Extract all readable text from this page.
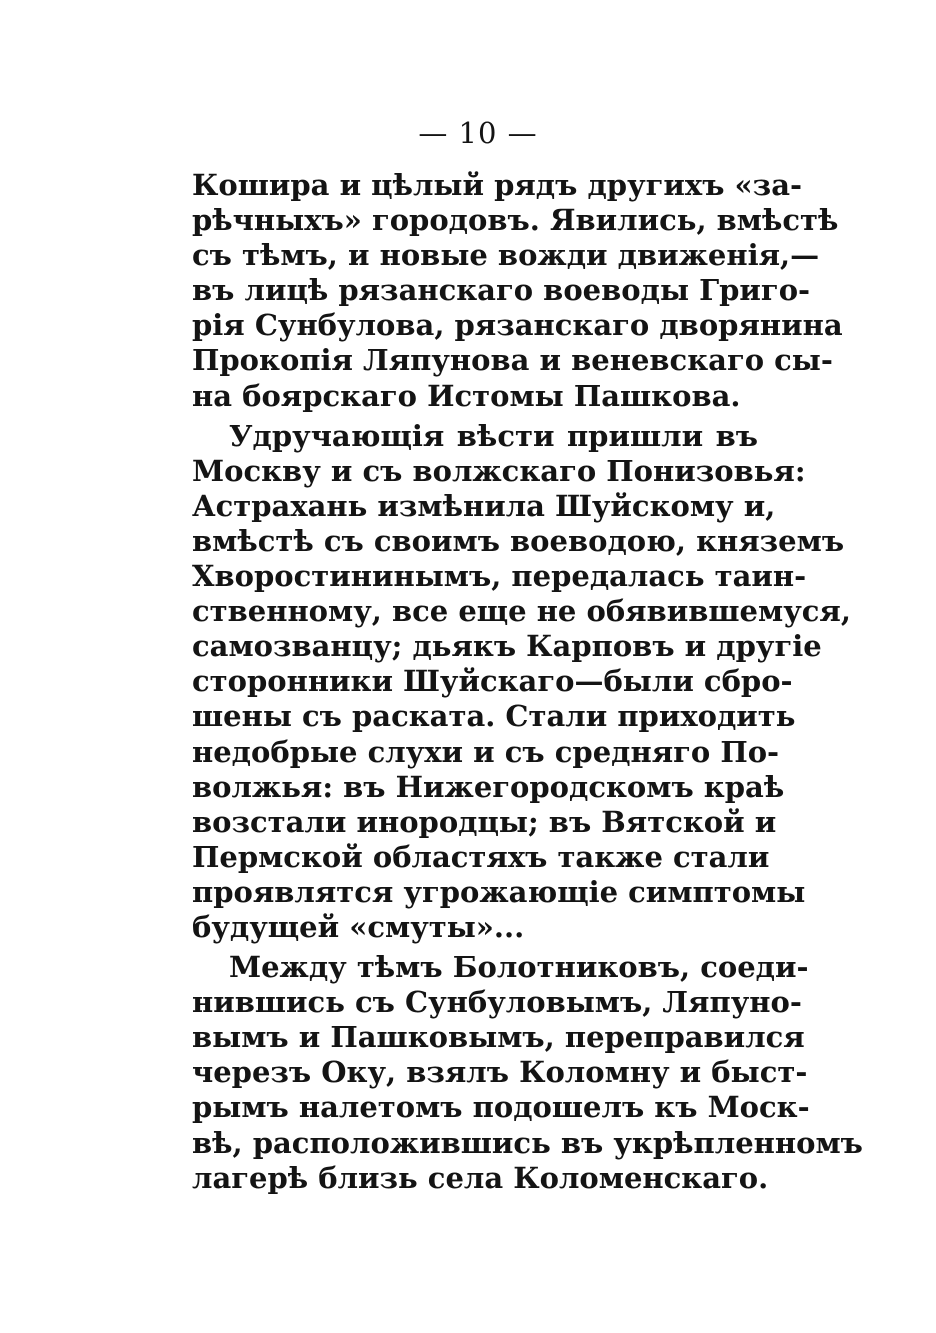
— 10 —
Кошира и цѣлый рядъ другихъ «за-
рѣчныхъ» городовъ. Явились, вмѣстѣ
съ тѣмъ, и новые вожди движенія,—
въ лицѣ рязанскаго воеводы Григо-
рія Сунбулова, рязанскаго дворянина
Прокопія Ляпунова и веневскаго сы-
на боярскаго Истомы Пашкова.
Удручающія вѣсти пришли въ
Москву и съ волжскаго Понизовья:
Астрахань измѣнила Шуйскому и,
вмѣстѣ съ своимъ воеводою, княземъ
Хворостининымъ, передалась таин-
ственному, все еще не обявившемуся,
самозванцу; дьякъ Карповъ и другіе
сторонники Шуйскаго—были сбро-
шены съ раската. Стали приходить
недобрые слухи и съ средняго По-
волжья: въ Нижегородскомъ краѣ
возстали инородцы; въ Вятской и
Пермской областяхъ также стали
проявлятся угрожающіе симптомы
будущей «смуты»...
Между тѣмъ Болотниковъ, соеди-
нившись съ Сунбуловымъ, Ляпуно-
вымъ и Пашковымъ, переправился
черезъ Оку, взялъ Коломну и быст-
рымъ налетомъ подошелъ къ Моск-
вѣ, расположившись въ укрѣпленномъ
лагерѣ близь села Коломенскаго.
